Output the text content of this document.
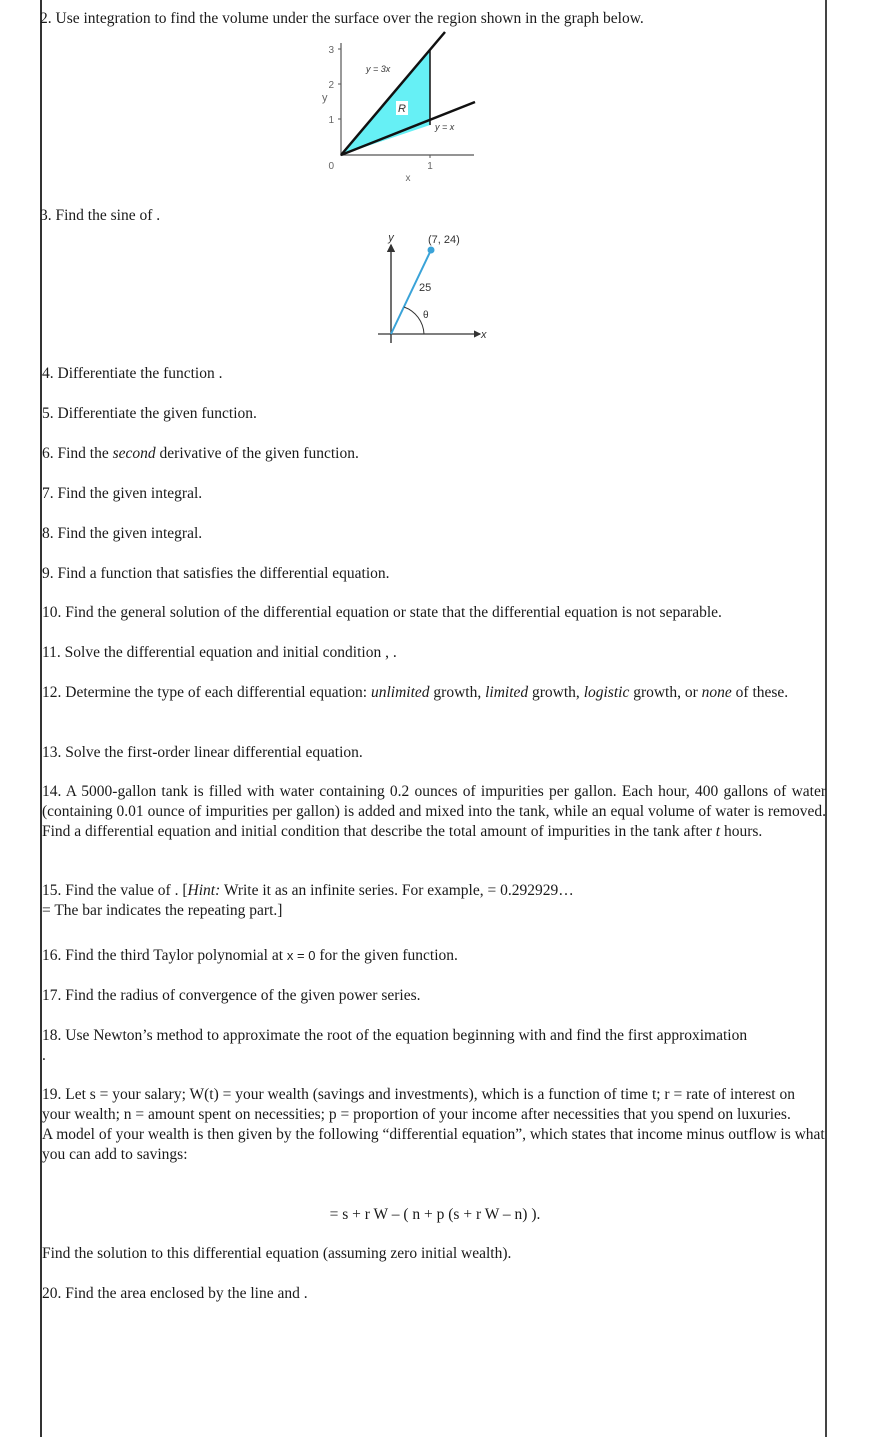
2. Use integration to find the volume under the surface over the region shown in the graph below.
3
2
1
0
y
1
x
y = 3x
y = x
R
3. Find the sine of .
y	(7, 24)
25
θ
x
4. Differentiate the function .
5. Differentiate the given function.
6. Find the second derivative of the given function.
7. Find the given integral.
8. Find the given integral.
9. Find a function that satisfies the differential equation.
10. Find the general solution of the differential equation or state that the differential equation is not separable.
11. Solve the differential equation and initial condition , .
12. Determine the type of each differential equation: unlimited growth, limited growth, logistic growth, or none of these.
13. Solve the first-order linear differential equation.
14. A 5000-gallon tank is filled with water containing 0.2 ounces of impurities per gallon. Each hour, 400 gallons of water (containing 0.01 ounce of impurities per gallon) is added and mixed into the tank, while an equal volume of water is removed. Find a differential equation and initial condition that describe the total amount of impurities in the tank after t hours.
15. Find the value of . [Hint: Write it as an infinite series. For example, = 0.292929…
= The bar indicates the repeating part.]
16. Find the third Taylor polynomial at x = 0 for the given function.
17. Find the radius of convergence of the given power series.
18. Use Newton’s method to approximate the root of the equation beginning with and find the first approximation
.
19. Let s = your salary; W(t) = your wealth (savings and investments), which is a function of time t; r = rate of interest on your wealth; n = amount spent on necessities; p = proportion of your income after necessities that you spend on luxuries.
A model of your wealth is then given by the following “differential equation”, which states that income minus outflow is what you can add to savings:
= s + r W – ( n + p (s + r W – n) ).
Find the solution to this differential equation (assuming zero initial wealth).
20. Find the area enclosed by the line and .
